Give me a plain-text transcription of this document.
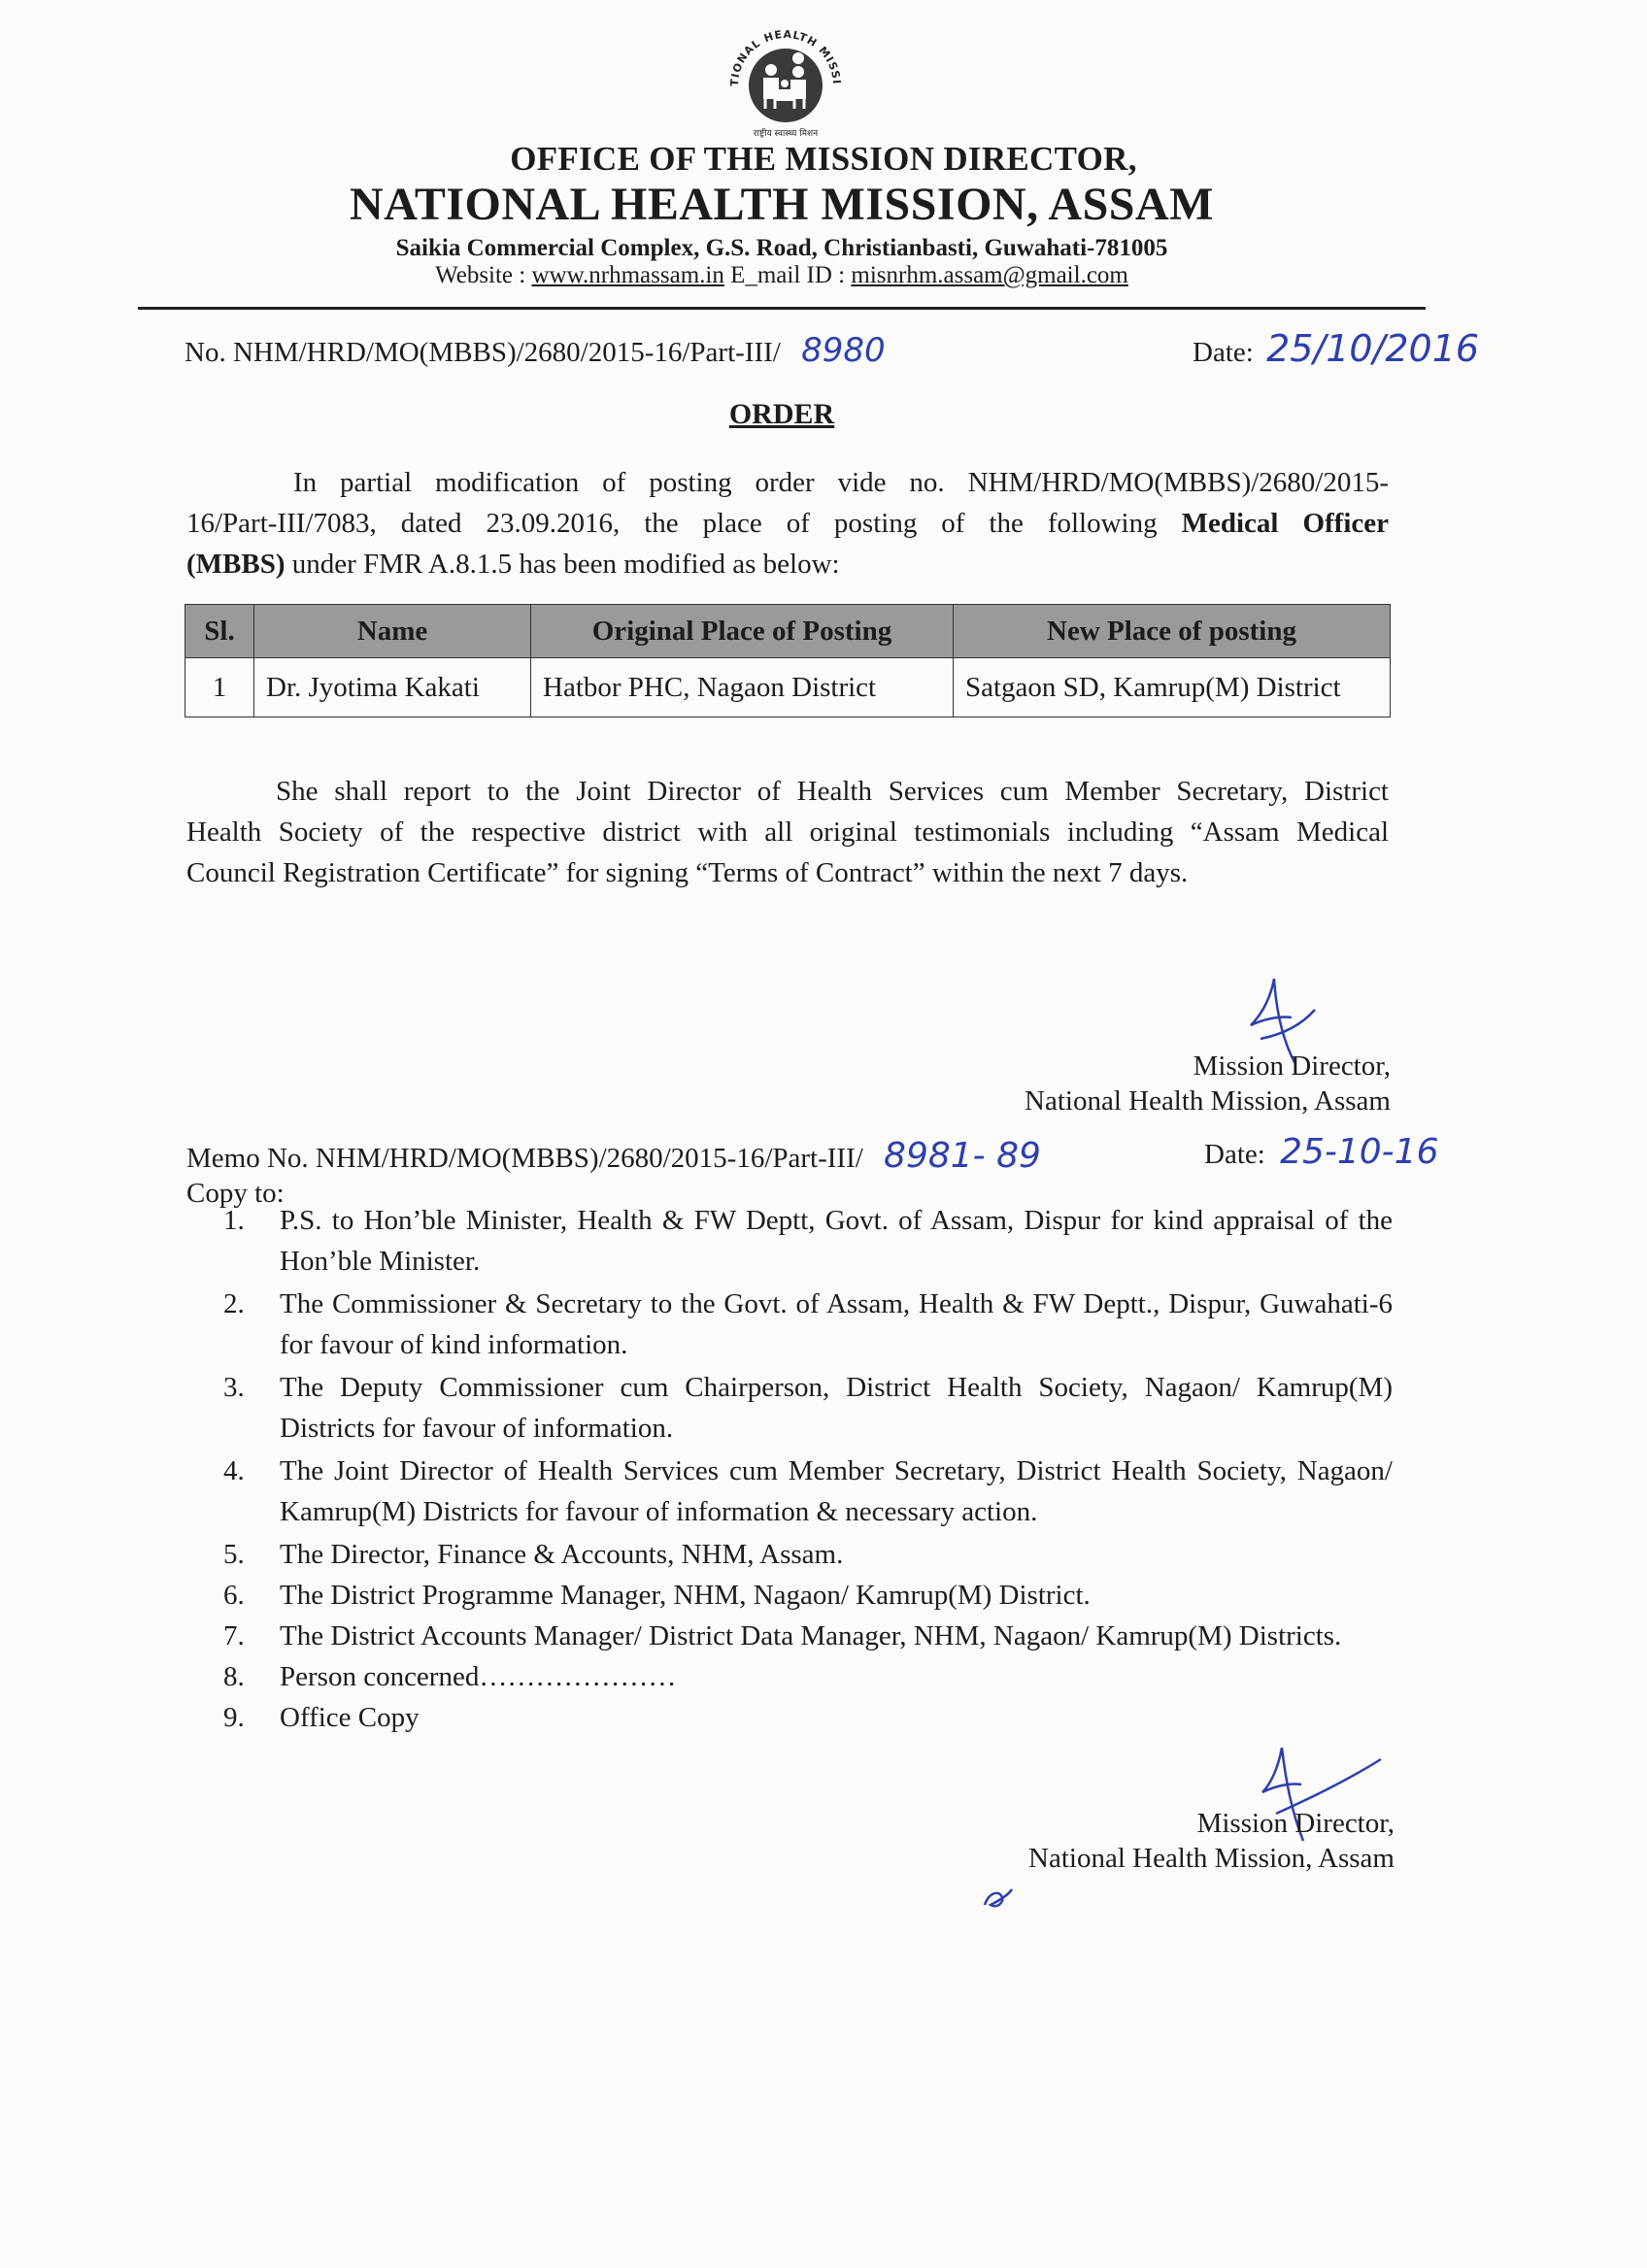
TIONAL HEALTH MISSI
राष्ट्रीय स्वास्थ्य मिशन
OFFICE OF THE MISSION DIRECTOR,
NATIONAL HEALTH MISSION, ASSAM
Saikia Commercial Complex, G.S. Road, Christianbasti, Guwahati-781005
Website : www.nrhmassam.in E_mail ID : misnrhm.assam@gmail.com
No. NHM/HRD/MO(MBBS)/2680/2015-16/Part-III/ 8980	Date: 25/10/2016
ORDER
In partial modification of posting order vide no. NHM/HRD/MO(MBBS)/2680/2015-
16/Part-III/7083, dated 23.09.2016, the place of posting of the following Medical Officer
(MBBS) under FMR A.8.1.5 has been modified as below:
Sl.	Name	Original Place of Posting	New Place of posting
1	Dr. Jyotima Kakati	Hatbor PHC, Nagaon District	Satgaon SD, Kamrup(M) District
She shall report to the Joint Director of Health Services cum Member Secretary, District
Health Society of the respective district with all original testimonials including “Assam Medical
Council Registration Certificate” for signing “Terms of Contract” within the next 7 days.
Mission Director,
National Health Mission, Assam
Memo No. NHM/HRD/MO(MBBS)/2680/2015-16/Part-III/ 8981- 89	Date: 25-10-16
Copy to:
1.	P.S. to Hon’ble Minister, Health & FW Deptt, Govt. of Assam, Dispur for kind appraisal of the Hon’ble Minister.
2.	The Commissioner & Secretary to the Govt. of Assam, Health & FW Deptt., Dispur, Guwahati-6 for favour of kind information.
3.	The Deputy Commissioner cum Chairperson, District Health Society, Nagaon/ Kamrup(M) Districts for favour of information.
4.	The Joint Director of Health Services cum Member Secretary, District Health Society, Nagaon/ Kamrup(M) Districts for favour of information & necessary action.
5.	The Director, Finance & Accounts, NHM, Assam.
6.	The District Programme Manager, NHM, Nagaon/ Kamrup(M) District.
7.	The District Accounts Manager/ District Data Manager, NHM, Nagaon/ Kamrup(M) Districts.
8.	Person concerned…………………
9.	Office Copy
Mission Director,
National Health Mission, Assam
